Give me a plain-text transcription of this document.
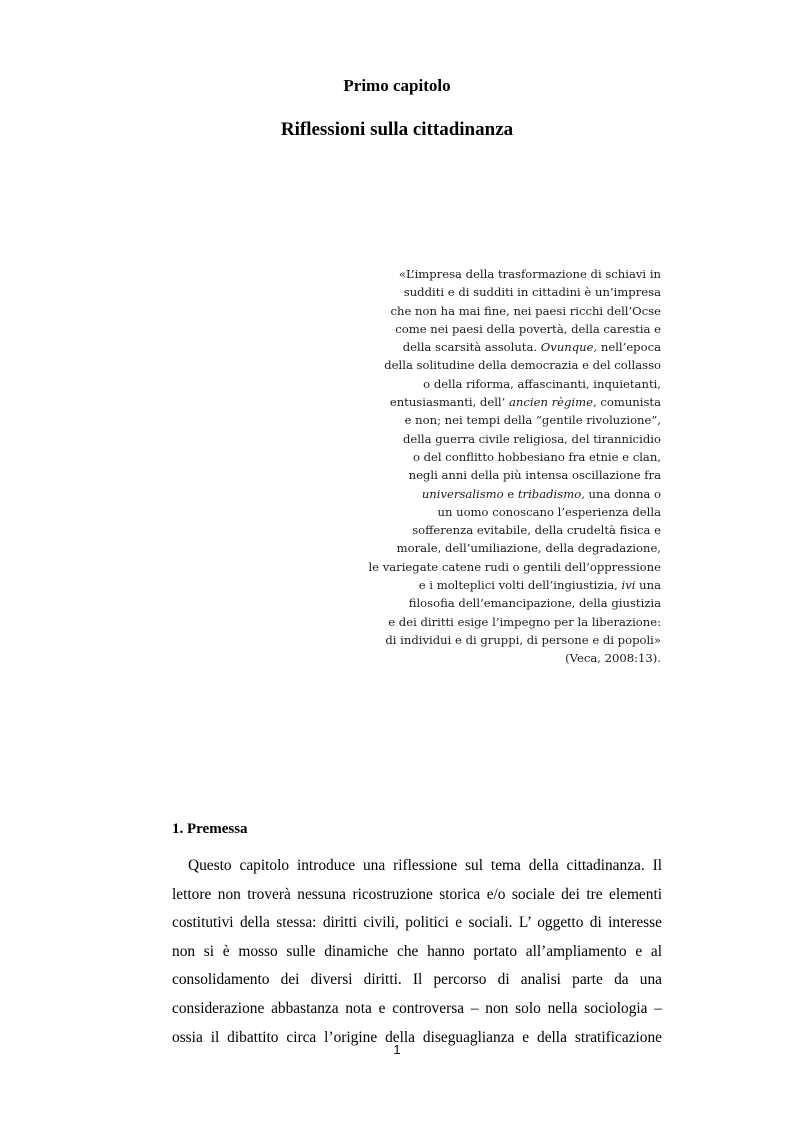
Primo capitolo
Riflessioni sulla cittadinanza
«L’impresa della trasformazione di schiavi in
sudditi e di sudditi in cittadini è un’impresa
che non ha mai fine, nei paesi ricchi dell’Ocse
come nei paesi della povertà, della carestia e
della scarsità assoluta. Ovunque, nell’epoca
della solitudine della democrazia e del collasso
o della riforma, affascinanti, inquietanti,
entusiasmanti, dell’ ancien règime, comunista
e non; nei tempi della “gentile rivoluzione”,
della guerra civile religiosa, del tirannicidio
o del conflitto hobbesiano fra etnie e clan,
negli anni della più intensa oscillazione fra
universalismo e tribadismo, una donna o
un uomo conoscano l’esperienza della
sofferenza evitabile, della crudeltà fisica e
morale, dell’umiliazione, della degradazione,
le variegate catene rudi o gentili dell’oppressione
e i molteplici volti dell’ingiustizia, ivi una
filosofia dell’emancipazione, della giustizia
e dei diritti esige l’impegno per la liberazione:
di individui e di gruppi, di persone e di popoli»
(Veca, 2008:13).
1. Premessa
Questo capitolo introduce una riflessione sul tema della cittadinanza. Il
lettore non troverà nessuna ricostruzione storica e/o sociale dei tre elementi
costitutivi della stessa: diritti civili, politici e sociali. L’ oggetto di interesse
non si è mosso sulle dinamiche che hanno portato all’ampliamento e al
consolidamento dei diversi diritti. Il percorso di analisi parte da una
considerazione abbastanza nota e controversa – non solo nella sociologia –
ossia il dibattito circa l’origine della diseguaglianza e della stratificazione
1
